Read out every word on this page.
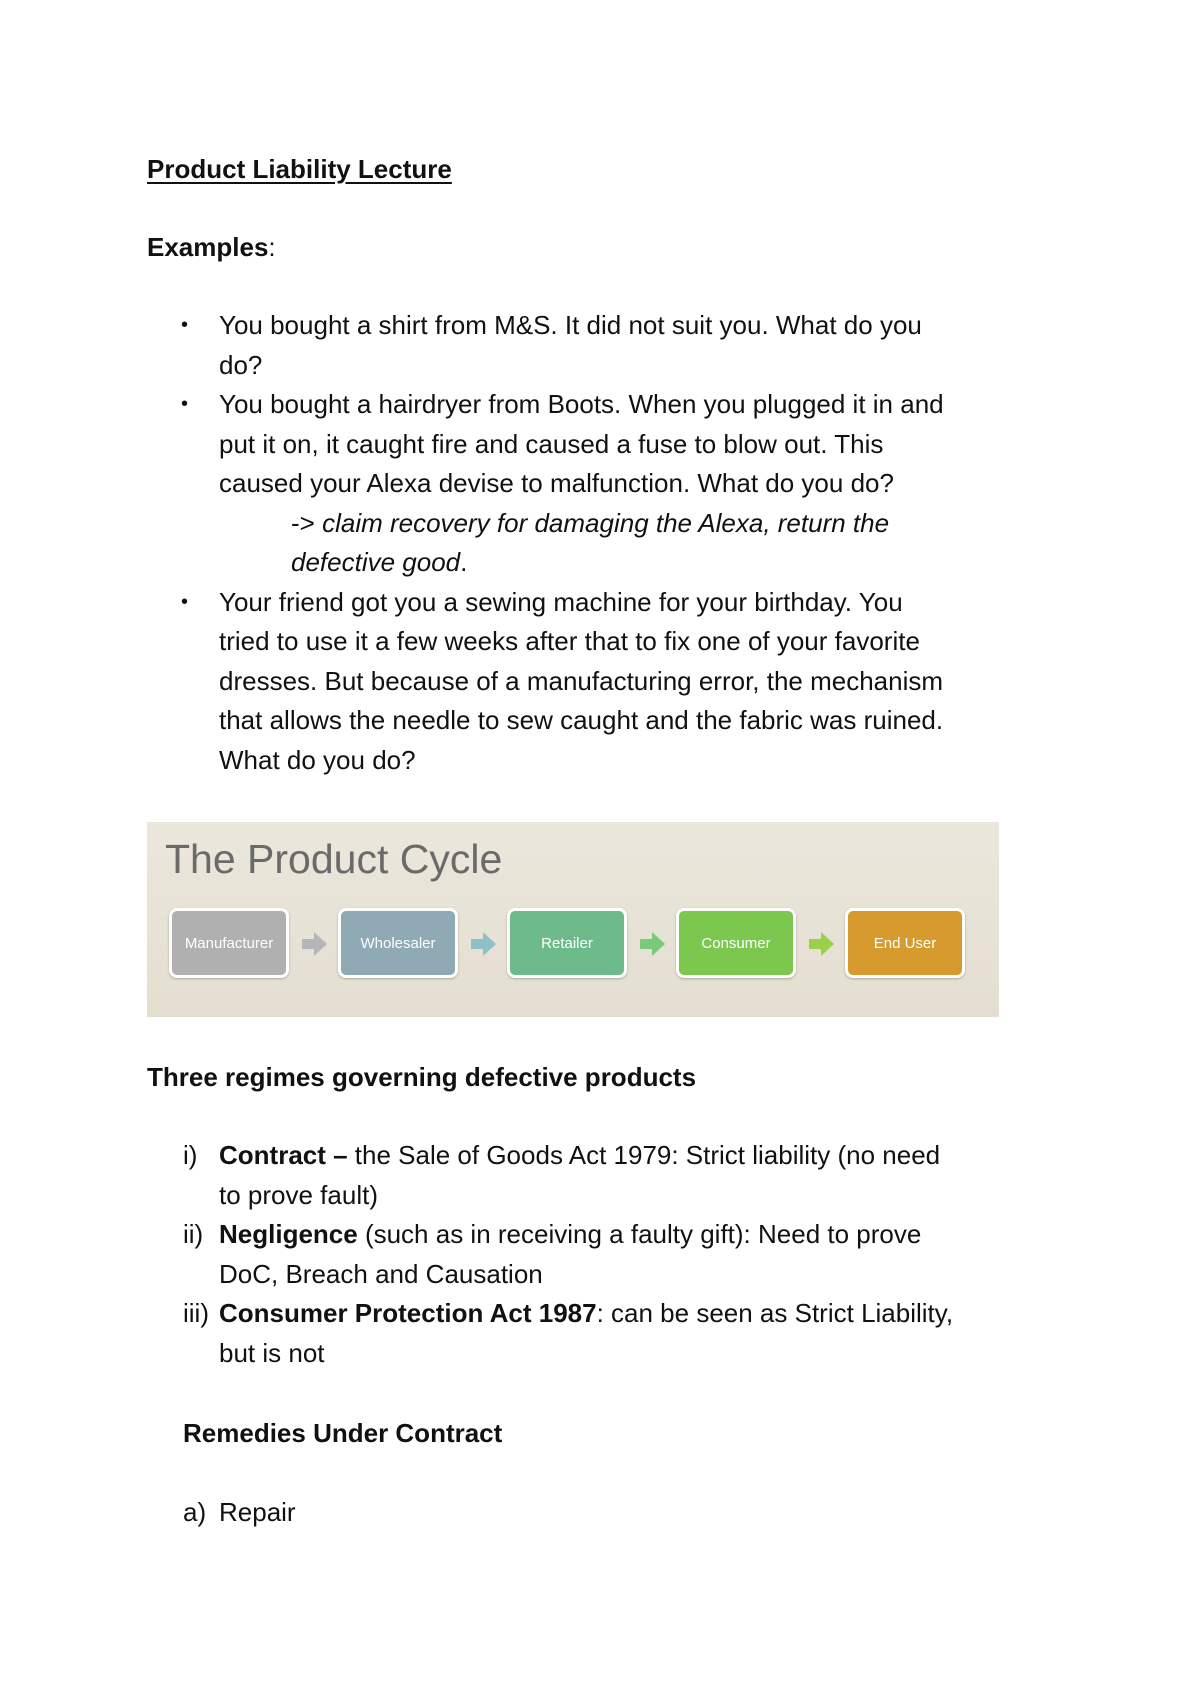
Product Liability Lecture
Examples:
• You bought a shirt from M&S. It did not suit you. What do you
do?
• You bought a hairdryer from Boots. When you plugged it in and
put it on, it caught fire and caused a fuse to blow out. This
caused your Alexa devise to malfunction. What do you do?
-> claim recovery for damaging the Alexa, return the
defective good.
• Your friend got you a sewing machine for your birthday. You
tried to use it a few weeks after that to fix one of your favorite
dresses. But because of a manufacturing error, the mechanism
that allows the needle to sew caught and the fabric was ruined.
What do you do?
The Product Cycle
Manufacturer	Wholesaler	Retailer	Consumer	End User
Three regimes governing defective products
i) Contract – the Sale of Goods Act 1979: Strict liability (no need
to prove fault)
ii) Negligence (such as in receiving a faulty gift): Need to prove
DoC, Breach and Causation
iii) Consumer Protection Act 1987: can be seen as Strict Liability,
but is not
Remedies Under Contract
a) Repair
